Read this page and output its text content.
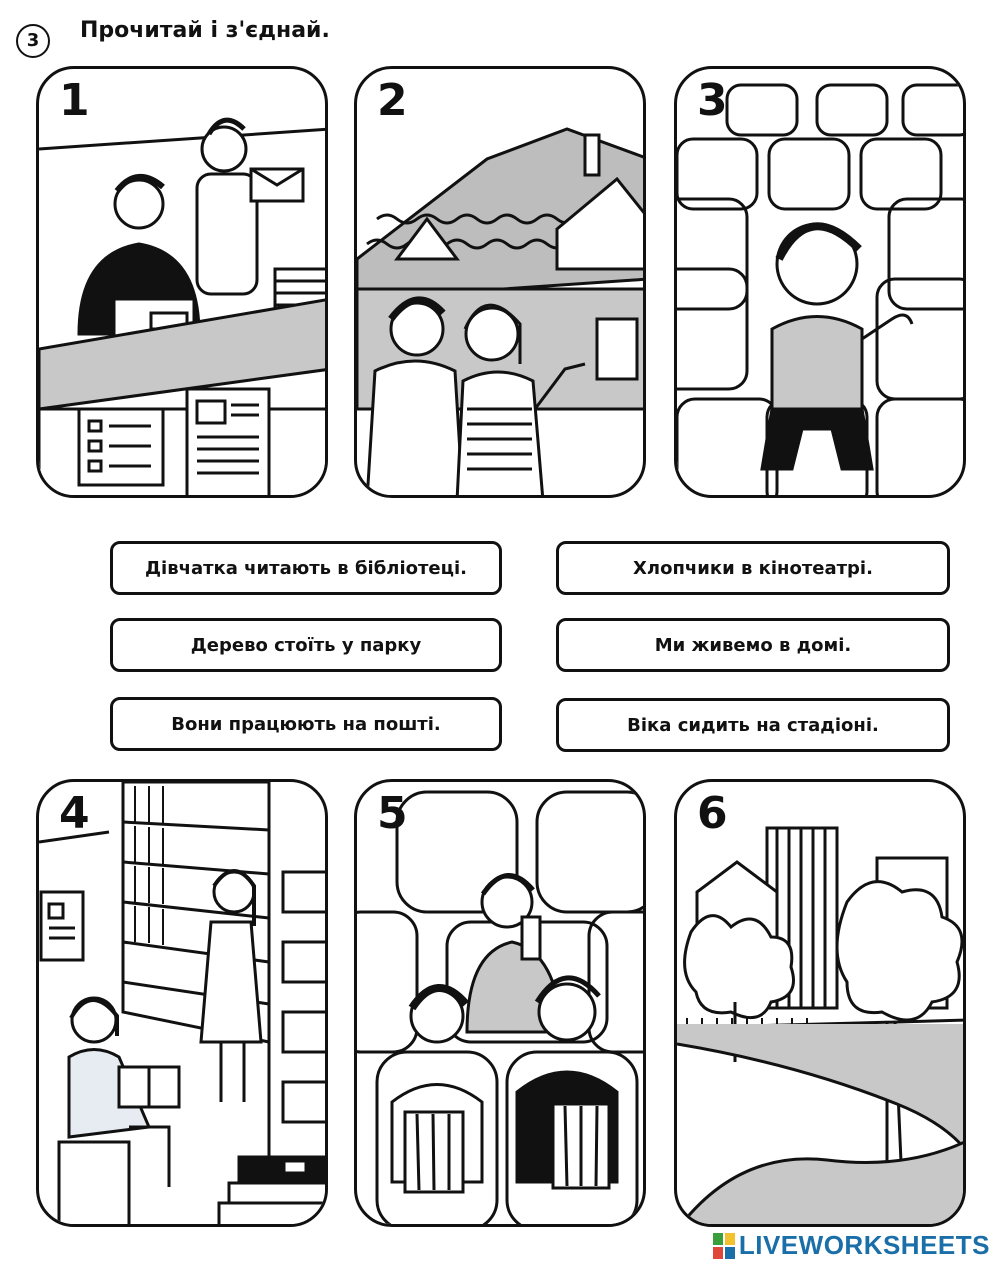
3	Прочитай і з'єднай.
1	2	3
Дівчатка читають в бібліотеці.	Хлопчики в кінотеатрі.
Дерево стоїть у парку	Ми живемо в домі.
Вони працюють на пошті.	Віка сидить на стадіоні.
4	5	6
LIVEWORKSHEETS
